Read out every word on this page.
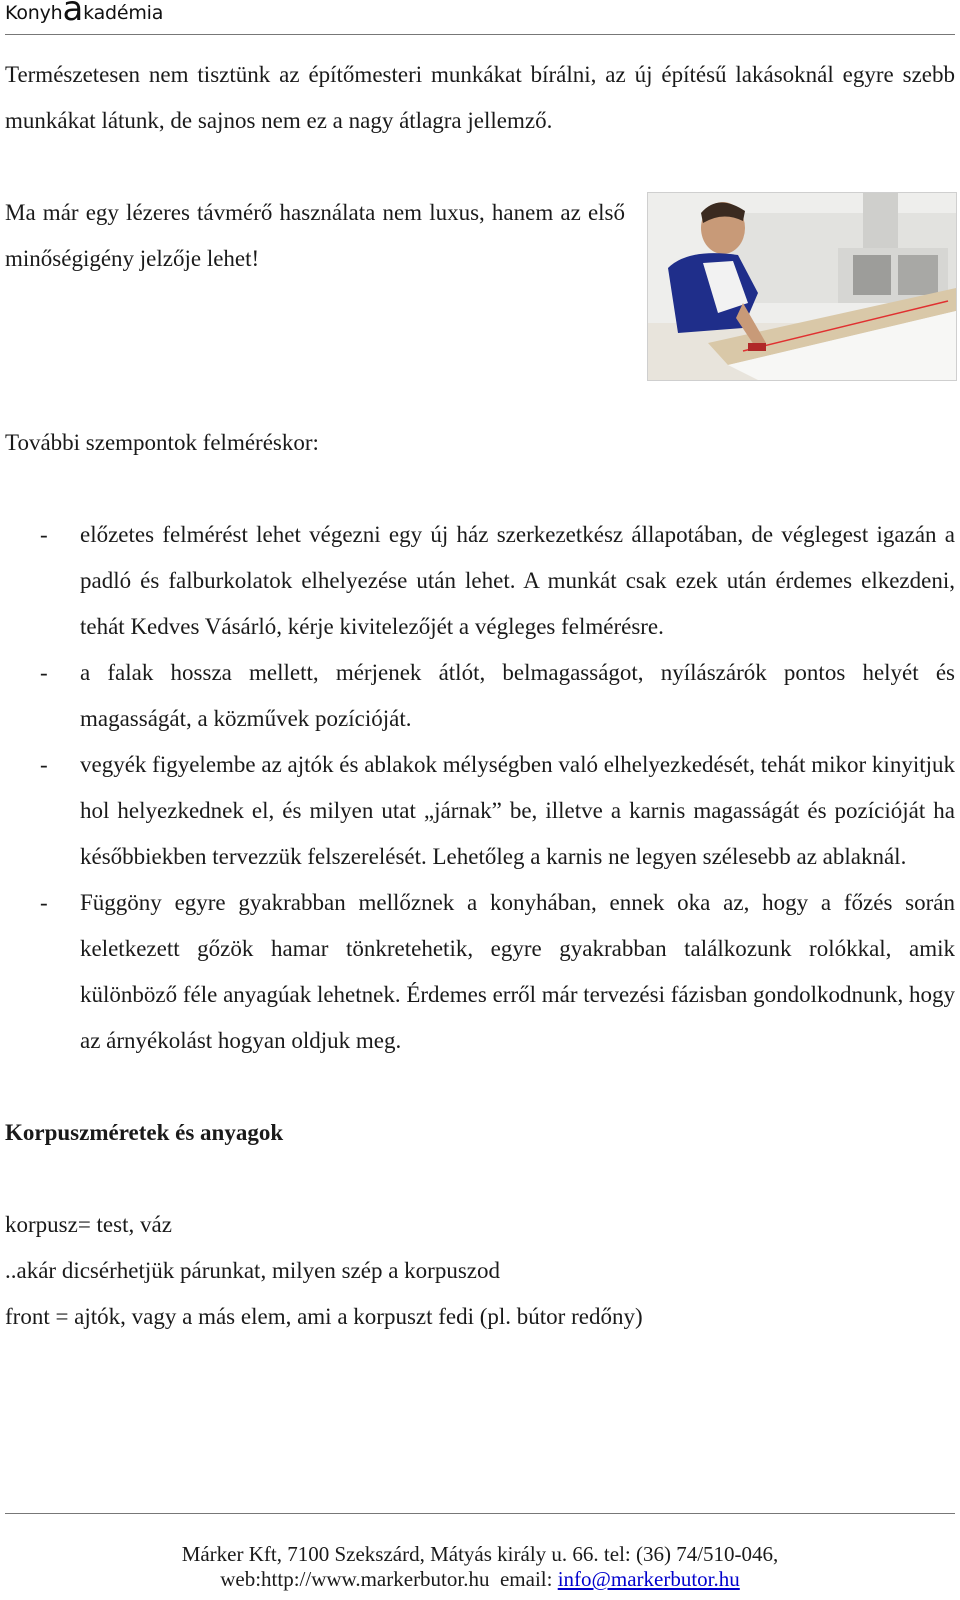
Konyhakadémia

Természetesen nem tisztünk az építőmesteri munkákat bírálni, az új építésű lakásoknál egyre szebb munkákat látunk, de sajnos nem ez a nagy átlagra jellemző.

Ma már egy lézeres távmérő használata nem luxus, hanem az első minőségigény jelzője lehet!

További szempontok felméréskor:

- előzetes felmérést lehet végezni egy új ház szerkezetkész állapotában, de véglegest igazán a padló és falburkolatok elhelyezése után lehet. A munkát csak ezek után érdemes elkezdeni, tehát Kedves Vásárló, kérje kivitelezőjét a végleges felmérésre.
- a falak hossza mellett, mérjenek átlót, belmagasságot, nyílászárók pontos helyét és magasságát, a közművek pozícióját.
- vegyék figyelembe az ajtók és ablakok mélységben való elhelyezkedését, tehát mikor kinyitjuk hol helyezkednek el, és milyen utat „járnak” be, illetve a karnis magasságát és pozícióját ha későbbiekben tervezzük felszerelését. Lehetőleg a karnis ne legyen szélesebb az ablaknál.
- Függöny egyre gyakrabban mellőznek a konyhában, ennek oka az, hogy a főzés során keletkezett gőzök hamar tönkretehetik, egyre gyakrabban találkozunk rolókkal, amik különböző féle anyagúak lehetnek. Érdemes erről már tervezési fázisban gondolkodnunk, hogy az árnyékolást hogyan oldjuk meg.

Korpuszméretek és anyagok

korpusz= test, váz

..akár dicsérhetjük párunkat, milyen szép a korpuszod

front = ajtók, vagy a más elem, ami a korpuszt fedi (pl. bútor redőny)

Márker Kft, 7100 Szekszárd, Mátyás király u. 66. tel: (36) 74/510-046,
web:http://www.markerbutor.hu  email: info@markerbutor.hu
